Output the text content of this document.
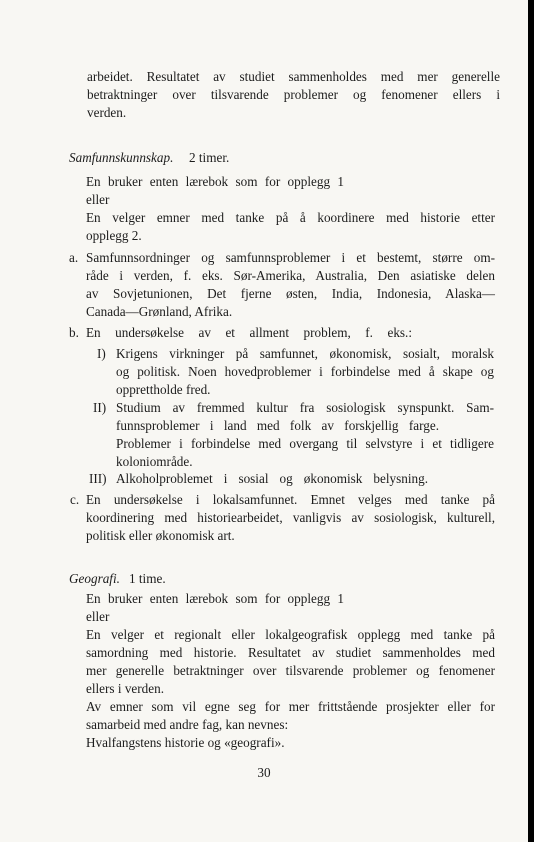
arbeidet. Resultatet av studiet sammenholdes med mer generelle

betraktninger over tilsvarende problemer og fenomener ellers i

verden.

Samfunnskunnskap. 2 timer.

En bruker enten lærebok som for opplegg 1

eller

En velger emner med tanke på å koordinere med historie etter

opplegg 2.

a. Samfunnsordninger og samfunnsproblemer i et bestemt, større om-

råde i verden, f. eks. Sør-Amerika, Australia, Den asiatiske delen

av Sovjetunionen, Det fjerne østen, India, Indonesia, Alaska—

Canada—Grønland, Afrika.

b. En undersøkelse av et allment problem, f. eks.:

I) Krigens virkninger på samfunnet, økonomisk, sosialt, moralsk

og politisk. Noen hovedproblemer i forbindelse med å skape og

opprettholde fred.

II) Studium av fremmed kultur fra sosiologisk synspunkt. Sam-

funnsproblemer i land med folk av forskjellig farge.

Problemer i forbindelse med overgang til selvstyre i et tidligere

koloniområde.

III) Alkoholproblemet i sosial og økonomisk belysning.

c. En undersøkelse i lokalsamfunnet. Emnet velges med tanke på

koordinering med historiearbeidet, vanligvis av sosiologisk, kulturell,

politisk eller økonomisk art.

Geografi. 1 time.

En bruker enten lærebok som for opplegg 1

eller

En velger et regionalt eller lokalgeografisk opplegg med tanke på

samordning med historie. Resultatet av studiet sammenholdes med

mer generelle betraktninger over tilsvarende problemer og fenomener

ellers i verden.

Av emner som vil egne seg for mer frittstående prosjekter eller for

samarbeid med andre fag, kan nevnes:

Hvalfangstens historie og «geografi».

30
